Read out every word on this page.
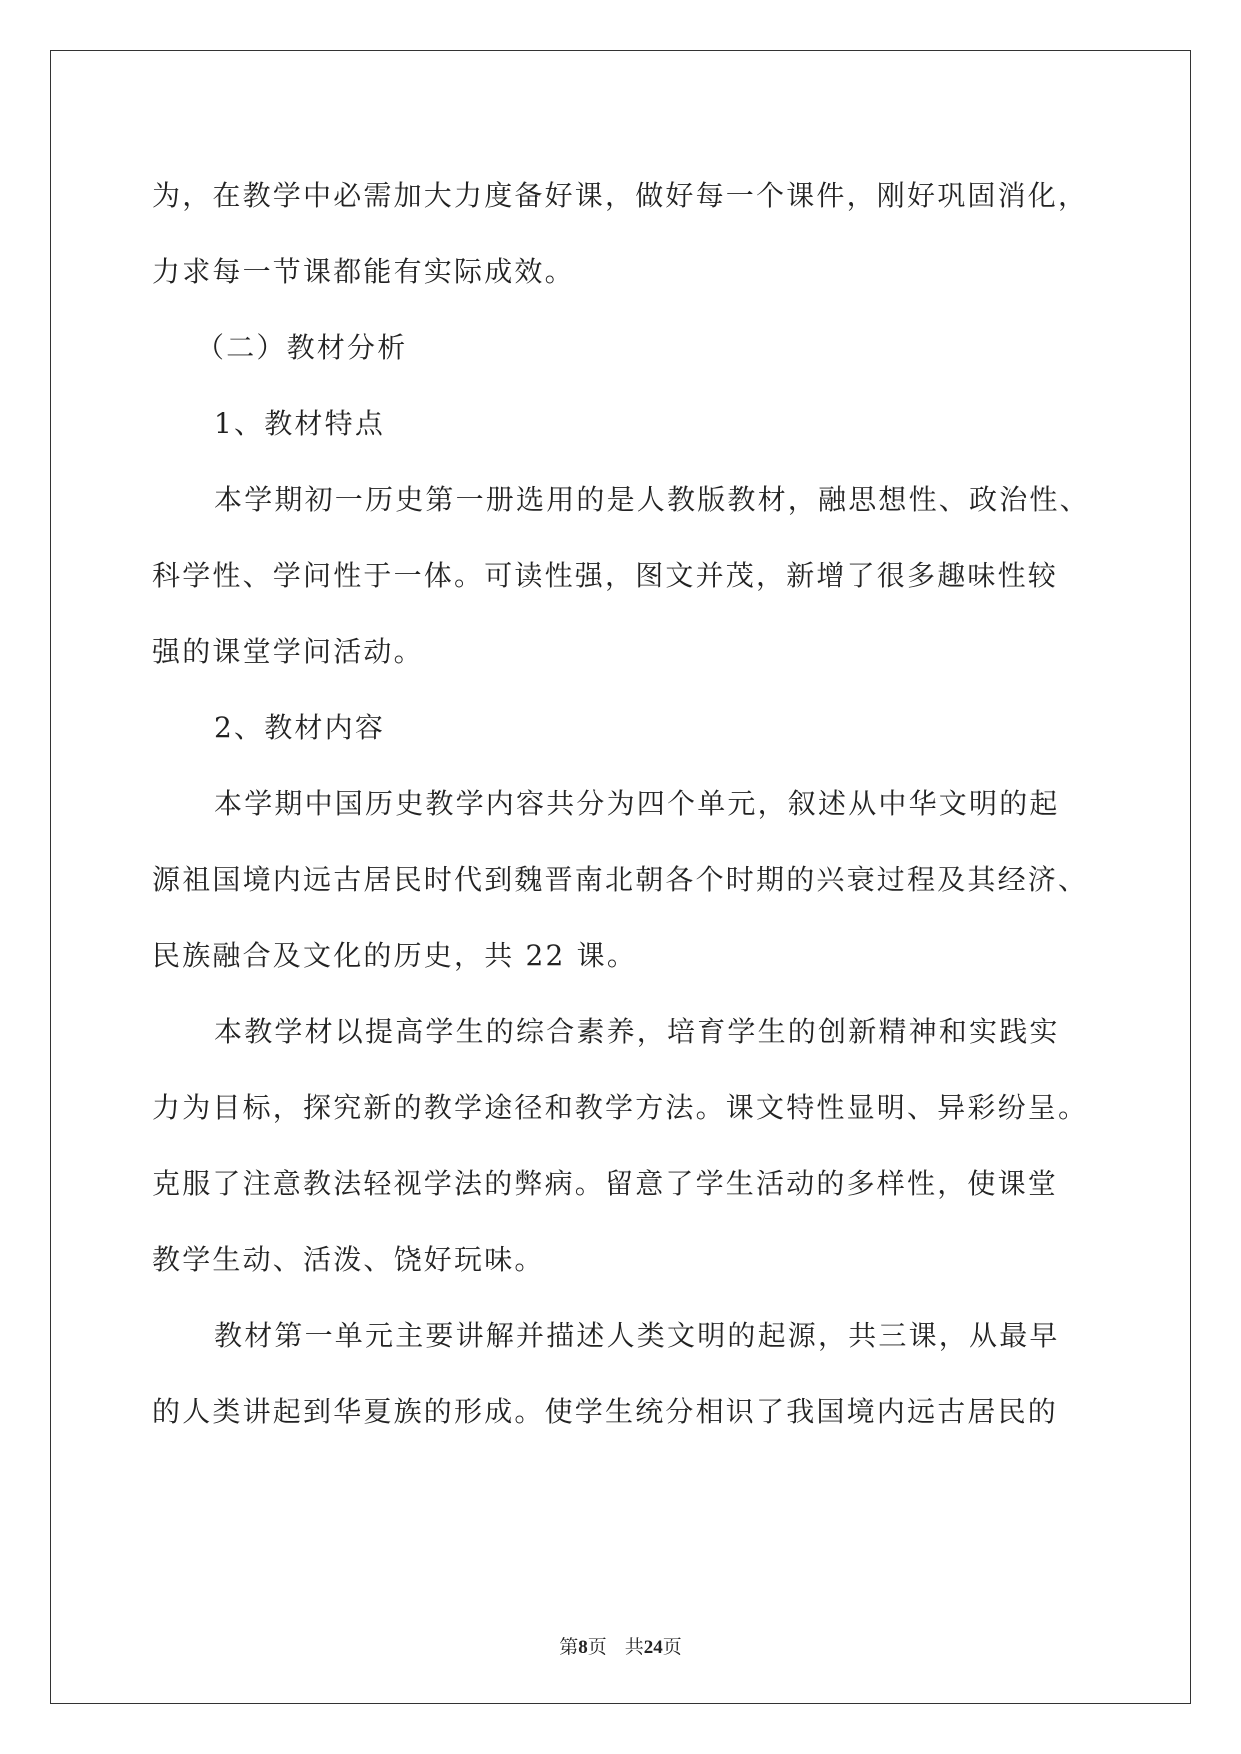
为，在教学中必需加大力度备好课，做好每一个课件，刚好巩固消化，
力求每一节课都能有实际成效。
（二）教材分析
1、教材特点
本学期初一历史第一册选用的是人教版教材，融思想性、政治性、
科学性、学问性于一体。可读性强，图文并茂，新增了很多趣味性较
强的课堂学问活动。
2、教材内容
本学期中国历史教学内容共分为四个单元，叙述从中华文明的起
源祖国境内远古居民时代到魏晋南北朝各个时期的兴衰过程及其经济、
民族融合及文化的历史，共 22 课。
本教学材以提高学生的综合素养，培育学生的创新精神和实践实
力为目标，探究新的教学途径和教学方法。课文特性显明、异彩纷呈。
克服了注意教法轻视学法的弊病。留意了学生活动的多样性，使课堂
教学生动、活泼、饶好玩味。
教材第一单元主要讲解并描述人类文明的起源，共三课，从最早
的人类讲起到华夏族的形成。使学生统分相识了我国境内远古居民的
第8页 共24页
